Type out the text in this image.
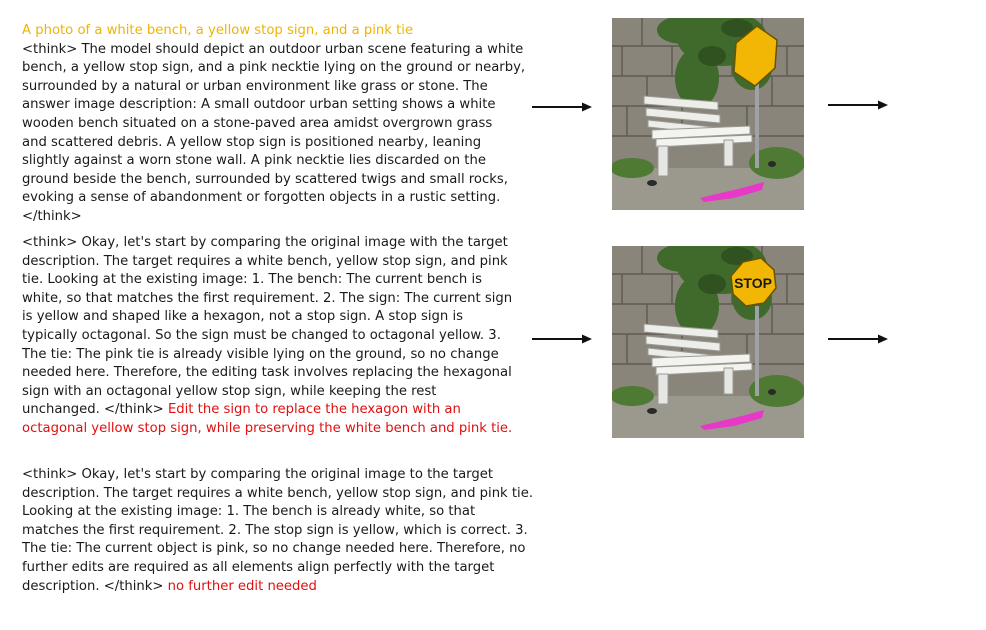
A photo of a white bench, a yellow stop sign, and a pink tie
<think> The model should depict an outdoor urban scene featuring a white
bench, a yellow stop sign, and a pink necktie lying on the ground or nearby,
surrounded by a natural or urban environment like grass or stone. The
answer image description: A small outdoor urban setting shows a white
wooden bench situated on a stone-paved area amidst overgrown grass
and scattered debris. A yellow stop sign is positioned nearby, leaning
slightly against a worn stone wall. A pink necktie lies discarded on the
ground beside the bench, surrounded by scattered twigs and small rocks,
evoking a sense of abandonment or forgotten objects in a rustic setting.
</think>
<think> Okay, let's start by comparing the original image with the target
description. The target requires a white bench, yellow stop sign, and pink
tie. Looking at the existing image: 1. The bench: The current bench is
white, so that matches the first requirement. 2. The sign: The current sign
is yellow and shaped like a hexagon, not a stop sign. A stop sign is
typically octagonal. So the sign must be changed to octagonal yellow. 3.
The tie: The pink tie is already visible lying on the ground, so no change
needed here. Therefore, the editing task involves replacing the hexagonal
sign with an octagonal yellow stop sign, while keeping the rest
unchanged. </think> Edit the sign to replace the hexagon with an
octagonal yellow stop sign, while preserving the white bench and pink tie.
<think> Okay, let's start by comparing the original image to the target
description. The target requires a white bench, yellow stop sign, and pink tie.
Looking at the existing image: 1. The bench is already white, so that
matches the first requirement. 2. The stop sign is yellow, which is correct. 3.
The tie: The current object is pink, so no change needed here. Therefore, no
further edits are required as all elements align perfectly with the target
description. </think> no further edit needed
STOP
